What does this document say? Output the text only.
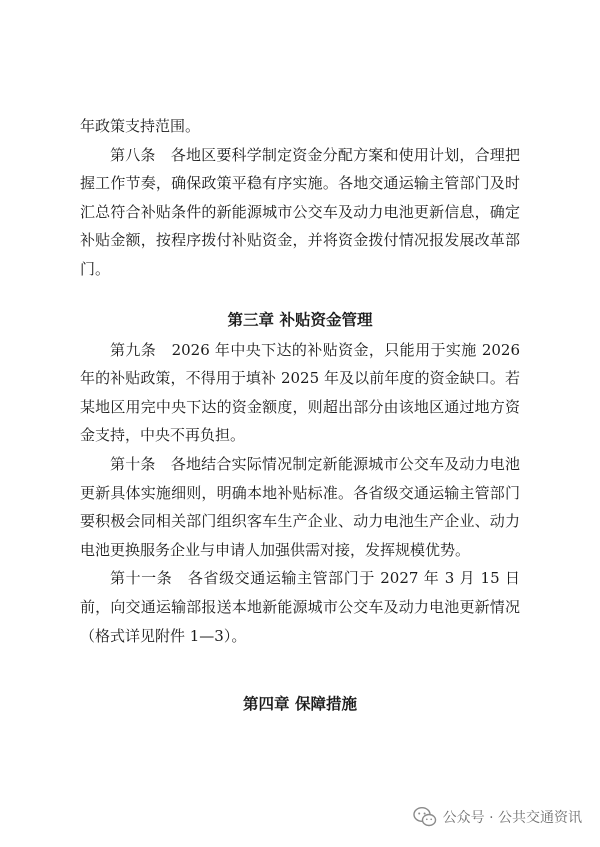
年政策支持范围。

第八条　各地区要科学制定资金分配方案和使用计划，合理把握工作节奏，确保政策平稳有序实施。各地交通运输主管部门及时汇总符合补贴条件的新能源城市公交车及动力电池更新信息，确定补贴金额，按程序拨付补贴资金，并将资金拨付情况报发展改革部门。

第三章 补贴资金管理

第九条　2026 年中央下达的补贴资金，只能用于实施 2026 年的补贴政策，不得用于填补 2025 年及以前年度的资金缺口。若某地区用完中央下达的资金额度，则超出部分由该地区通过地方资金支持，中央不再负担。

第十条　各地结合实际情况制定新能源城市公交车及动力电池更新具体实施细则，明确本地补贴标准。各省级交通运输主管部门要积极会同相关部门组织客车生产企业、动力电池生产企业、动力电池更换服务企业与申请人加强供需对接，发挥规模优势。

第十一条　各省级交通运输主管部门于 2027 年 3 月 15 日前，向交通运输部报送本地新能源城市公交车及动力电池更新情况（格式详见附件 1—3）。

第四章 保障措施
公众号 · 公共交通资讯
